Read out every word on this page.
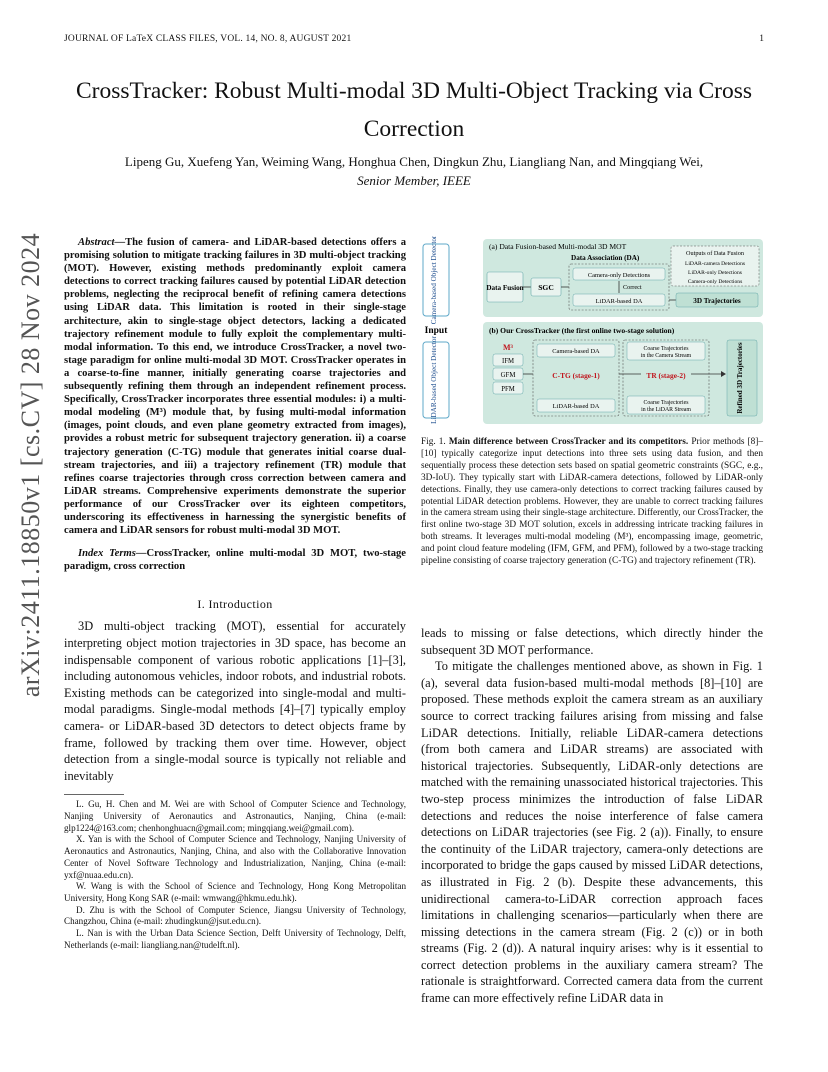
JOURNAL OF LaTeX CLASS FILES, VOL. 14, NO. 8, AUGUST 2021	1
arXiv:2411.18850v1 [cs.CV] 28 Nov 2024
CrossTracker: Robust Multi-modal 3D Multi-Object Tracking via Cross Correction
Lipeng Gu, Xuefeng Yan, Weiming Wang, Honghua Chen, Dingkun Zhu, Liangliang Nan, and Mingqiang Wei,
Senior Member, IEEE

Abstract—The fusion of camera- and LiDAR-based detections offers a promising solution to mitigate tracking failures in 3D multi-object tracking (MOT). However, existing methods predominantly exploit camera detections to correct tracking failures caused by potential LiDAR detection problems, neglecting the reciprocal benefit of refining camera detections using LiDAR data. This limitation is rooted in their single-stage architecture, akin to single-stage object detectors, lacking a dedicated trajectory refinement module to fully exploit the complementary multi-modal information. To this end, we introduce CrossTracker, a novel two-stage paradigm for online multi-modal 3D MOT. CrossTracker operates in a coarse-to-fine manner, initially generating coarse trajectories and subsequently refining them through an independent refinement process. Specifically, CrossTracker incorporates three essential modules: i) a multi-modal modeling (M³) module that, by fusing multi-modal information (images, point clouds, and even plane geometry extracted from images), provides a robust metric for subsequent trajectory generation. ii) a coarse trajectory generation (C-TG) module that generates initial coarse dual-stream trajectories, and iii) a trajectory refinement (TR) module that refines coarse trajectories through cross correction between camera and LiDAR streams. Comprehensive experiments demonstrate the superior performance of our CrossTracker over its eighteen competitors, underscoring its effectiveness in harnessing the synergistic benefits of camera and LiDAR sensors for robust multi-modal 3D MOT.

Index Terms—CrossTracker, online multi-modal 3D MOT, two-stage paradigm, cross correction

I. Introduction

3D multi-object tracking (MOT), essential for accurately interpreting object motion trajectories in 3D space, has become an indispensable component of various robotic applications [1]–[3], including autonomous vehicles, indoor robots, and industrial robots. Existing methods can be categorized into single-modal and multi-modal paradigms. Single-modal methods [4]–[7] typically employ camera- or LiDAR-based 3D detectors to detect objects frame by frame, followed by tracking them over time. However, object detection from a single-modal source is typically not reliable and inevitably

L. Gu, H. Chen and M. Wei are with School of Computer Science and Technology, Nanjing University of Aeronautics and Astronautics, Nanjing, China (e-mail: glp1224@163.com; chenhonghuacn@gmail.com; mingqiang.wei@gmail.com).

X. Yan is with the School of Computer Science and Technology, Nanjing University of Aeronautics and Astronautics, Nanjing, China, and also with the Collaborative Innovation Center of Novel Software Technology and Industrialization, Nanjing, China (e-mail: yxf@nuaa.edu.cn).

W. Wang is with the School of Science and Technology, Hong Kong Metropolitan University, Hong Kong SAR (e-mail: wmwang@hkmu.edu.hk).

D. Zhu is with the School of Computer Science, Jiangsu University of Technology, Changzhou, China (e-mail: zhudingkun@jsut.edu.cn).

L. Nan is with the Urban Data Science Section, Delft University of Technology, Delft, Netherlands (e-mail: liangliang.nan@tudelft.nl).

Camera-based Object Detector
Input
LiDAR-based Object Detector
(a) Data Fusion-based Multi-modal 3D MOT
Data Association (DA)
Data Fusion SGC
Camera-only Detections
Correct
LiDAR-based DA	3D Trajectories
Outputs of Data Fusion
LiDAR-camera Detections
LiDAR-only Detections
Camera-only Detections
(b) Our CrossTracker (the first online two-stage solution)
M³
IFM
GFM
PFM
Camera-based DA
C-TG (stage-1)
LiDAR-based DA
Coarse Trajectories
in the Camera Stream
TR (stage-2)
Coarse Trajectories
in the LiDAR Stream	Refined 3D Trajectories
Fig. 1. Main difference between CrossTracker and its competitors. Prior methods [8]–[10] typically categorize input detections into three sets using data fusion, and then sequentially process these detection sets based on spatial geometric constraints (SGC, e.g., 3D-IoU). They typically start with LiDAR-camera detections, followed by LiDAR-only detections. Finally, they use camera-only detections to correct tracking failures caused by potential LiDAR detection problems. However, they are unable to correct tracking failures in the camera stream using their single-stage architecture. Differently, our CrossTracker, the first online two-stage 3D MOT solution, excels in addressing intricate tracking failures in both streams. It leverages multi-modal modeling (M³), encompassing image, geometric, and point cloud feature modeling (IFM, GFM, and PFM), followed by a two-stage tracking pipeline consisting of coarse trajectory generation (C-TG) and trajectory refinement (TR).

leads to missing or false detections, which directly hinder the subsequent 3D MOT performance.

To mitigate the challenges mentioned above, as shown in Fig. 1 (a), several data fusion-based multi-modal methods [8]–[10] are proposed. These methods exploit the camera stream as an auxiliary source to correct tracking failures arising from missing and false LiDAR detections. Initially, reliable LiDAR-camera detections (from both camera and LiDAR streams) are associated with historical trajectories. Subsequently, LiDAR-only detections are matched with the remaining unassociated historical trajectories. This two-step process minimizes the introduction of false LiDAR detections and reduces the noise interference of false camera detections on LiDAR trajectories (see Fig. 2 (a)). Finally, to ensure the continuity of the LiDAR trajectory, camera-only detections are incorporated to bridge the gaps caused by missed LiDAR detections, as illustrated in Fig. 2 (b). Despite these advancements, this unidirectional camera-to-LiDAR correction approach faces limitations in challenging scenarios—particularly when there are missing detections in the camera stream (Fig. 2 (c)) or in both streams (Fig. 2 (d)). A natural inquiry arises: why is it essential to correct detection problems in the auxiliary camera stream? The rationale is straightforward. Corrected camera data from the current frame can more effectively refine LiDAR data in
